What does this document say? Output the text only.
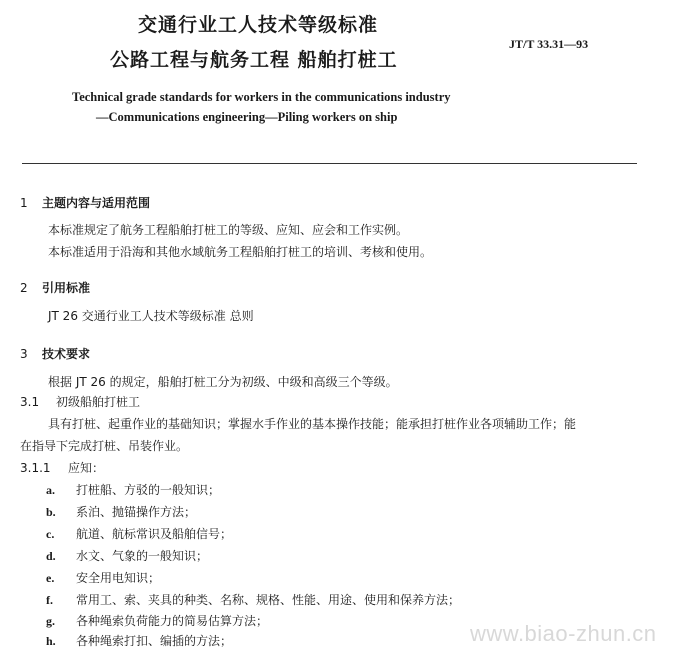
交通行业工人技术等级标准
公路工程与航务工程 船舶打桩工
JT/T 33.31—93
Technical grade standards for workers in the communications industry
—Communications engineering—Piling workers on ship
1 主题内容与适用范围
本标准规定了航务工程船舶打桩工的等级、应知、应会和工作实例。
本标准适用于沿海和其他水域航务工程船舶打桩工的培训、考核和使用。
2 引用标准
JT 26 交通行业工人技术等级标准 总则
3 技术要求
根据 JT 26 的规定，船舶打桩工分为初级、中级和高级三个等级。
3.1 初级船舶打桩工
具有打桩、起重作业的基础知识；掌握水手作业的基本操作技能；能承担打桩作业各项辅助工作；能
在指导下完成打桩、吊装作业。
3.1.1 应知：
a. 打桩船、方驳的一般知识；
b. 系泊、抛锚操作方法；
c. 航道、航标常识及船舶信号；
d. 水文、气象的一般知识；
e. 安全用电知识；
f. 常用工、索、夹具的种类、名称、规格、性能、用途、使用和保养方法；
g. 各种绳索负荷能力的简易估算方法；
h. 各种绳索打扣、编插的方法；	www.biao-zhun.cn
